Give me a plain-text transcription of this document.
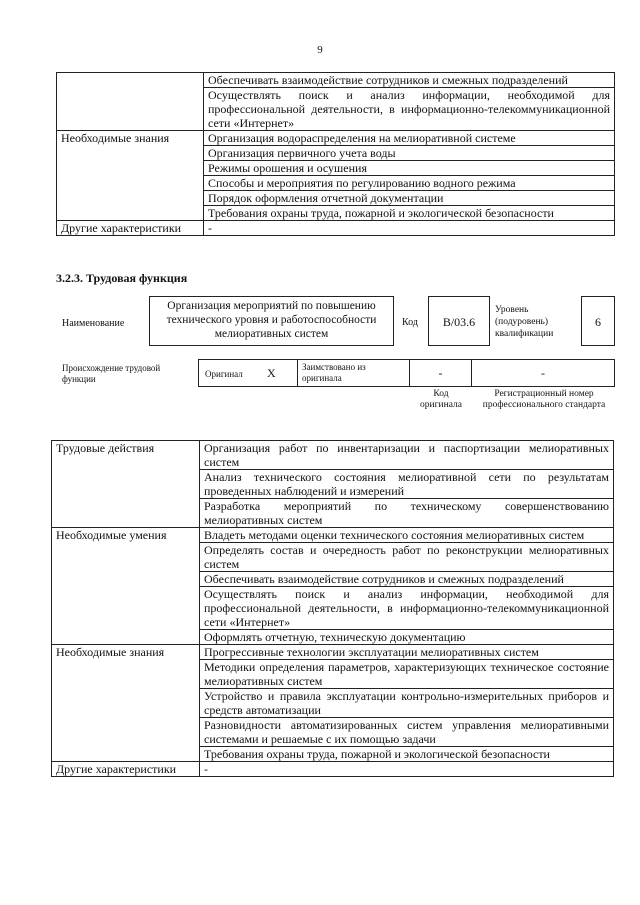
9
	Обеспечивать взаимодействие сотрудников и смежных подразделений
	Осуществлять поиск и анализ информации, необходимой для профессиональной деятельности, в информационно-телекоммуникационной сети «Интернет»
Необходимые знания	Организация водораспределения на мелиоративной системе
	Организация первичного учета воды
	Режимы орошения и осушения
	Способы и мероприятия по регулированию водного режима
	Порядок оформления отчетной документации
	Требования охраны труда, пожарной и экологической безопасности
Другие характеристики	-
3.2.3. Трудовая функция
Наименование
Организация мероприятий по повышению технического уровня и работоспособности мелиоративных систем
Код	B/03.6
Уровень (подуровень) квалификации
6
Происхождение трудовой функции	Оригинал X	Заимствовано из оригинала	-	-
Код оригинала
Регистрационный номер профессионального стандарта
Трудовые действия	Организация работ по инвентаризации и паспортизации мелиоративных систем
	Анализ технического состояния мелиоративной сети по результатам проведенных наблюдений и измерений
	Разработка мероприятий по техническому совершенствованию мелиоративных систем
Необходимые умения	Владеть методами оценки технического состояния мелиоративных систем
	Определять состав и очередность работ по реконструкции мелиоративных систем
	Обеспечивать взаимодействие сотрудников и смежных подразделений
	Осуществлять поиск и анализ информации, необходимой для профессиональной деятельности, в информационно-телекоммуникационной сети «Интернет»
	Оформлять отчетную, техническую документацию
Необходимые знания	Прогрессивные технологии эксплуатации мелиоративных систем
	Методики определения параметров, характеризующих техническое состояние мелиоративных систем
	Устройство и правила эксплуатации контрольно-измерительных приборов и средств автоматизации
	Разновидности автоматизированных систем управления мелиоративными системами и решаемые с их помощью задачи
	Требования охраны труда, пожарной и экологической безопасности
Другие характеристики	-
